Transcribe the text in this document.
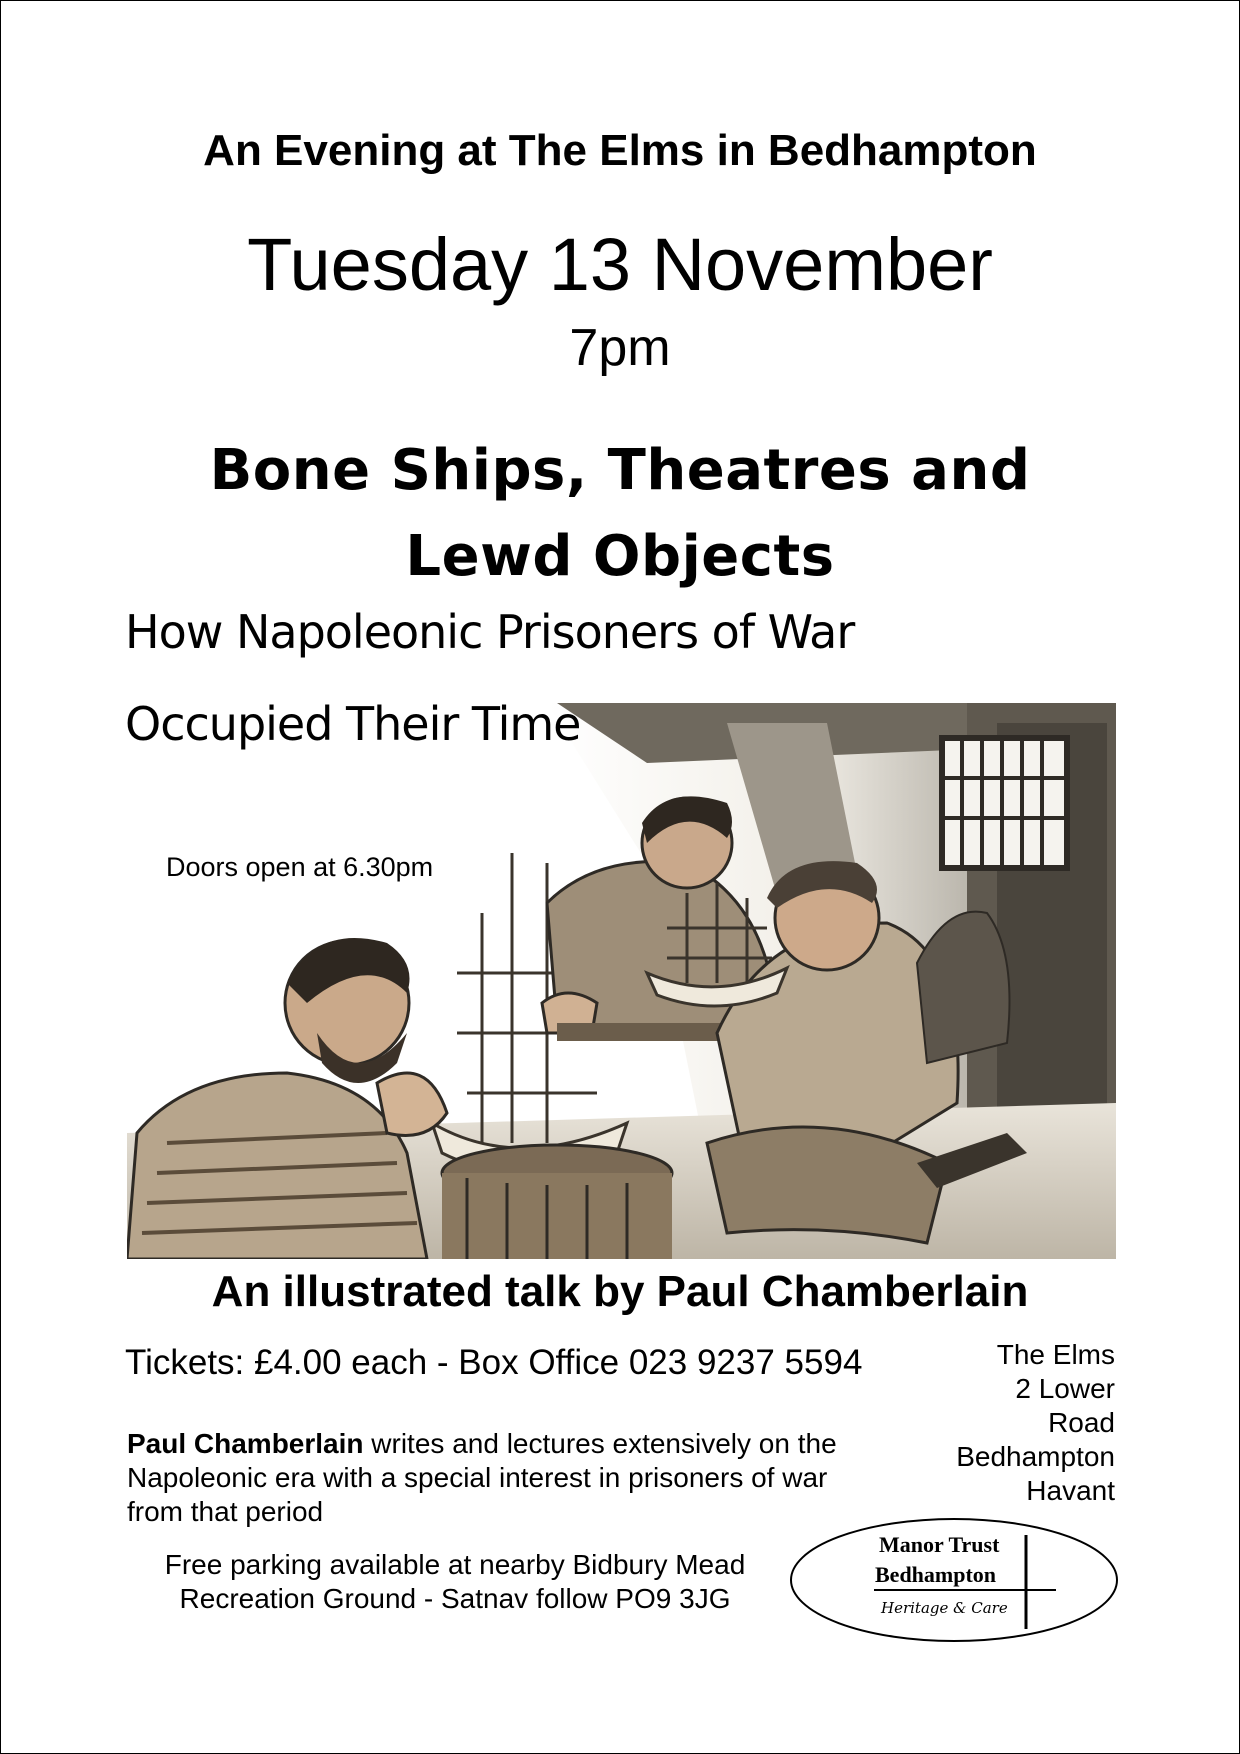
An Evening at The Elms in Bedhampton
Tuesday 13 November
7pm
Bone Ships, Theatres and
Lewd Objects
Doors open at 6.30pm
How Napoleonic Prisoners of War
Occupied Their Time
An illustrated talk by Paul Chamberlain
Tickets: £4.00 each - Box Office 023 9237 5594
Paul Chamberlain writes and lectures extensively on the Napoleonic era with a special interest in prisoners of war from that period
Free parking available at nearby Bidbury Mead
Recreation Ground - Satnav follow PO9 3JG
The Elms
2 Lower
Road
Bedhampton
Havant
Manor Trust
Bedhampton
Heritage & Care
